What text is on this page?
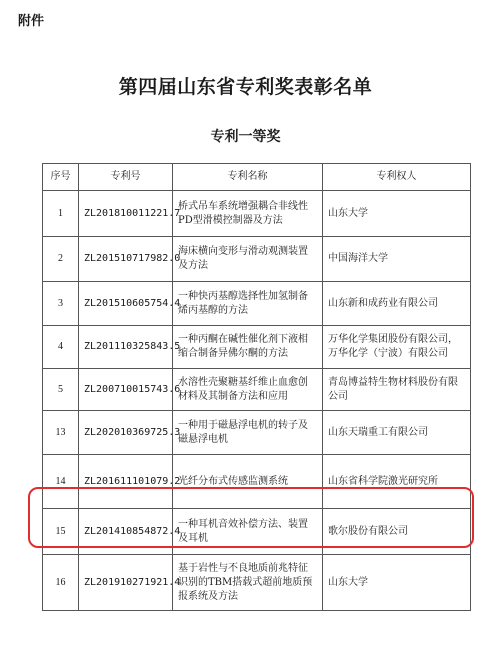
附件
第四届山东省专利奖表彰名单
专利一等奖
序号	专利号	专利名称	专利权人
1	ZL201810011221.7	桥式吊车系统增强耦合非线性PD型滑模控制器及方法	山东大学
2	ZL201510717982.0	海床横向变形与滑动观测装置及方法	中国海洋大学
3	ZL201510605754.4	一种快丙基醇选择性加氢制备烯丙基醇的方法	山东新和成药业有限公司
4	ZL201110325843.5	一种丙酮在碱性催化剂下液相缩合制备异佛尔酮的方法	万华化学集团股份有限公司，万华化学（宁波）有限公司
5	ZL200710015743.6	水溶性壳聚糖基纤维止血愈创材料及其制备方法和应用	青岛博益特生物材料股份有限公司
13	ZL202010369725.3	一种用于磁悬浮电机的转子及磁悬浮电机	山东天瑞重工有限公司
14	ZL201611101079.2	光纤分布式传感监测系统	山东省科学院激光研究所
15	ZL201410854872.4	一种耳机音效补偿方法、装置及耳机	歌尔股份有限公司
16	ZL201910271921.4	基于岩性与不良地质前兆特征识别的TBM搭载式超前地质预报系统及方法	山东大学
